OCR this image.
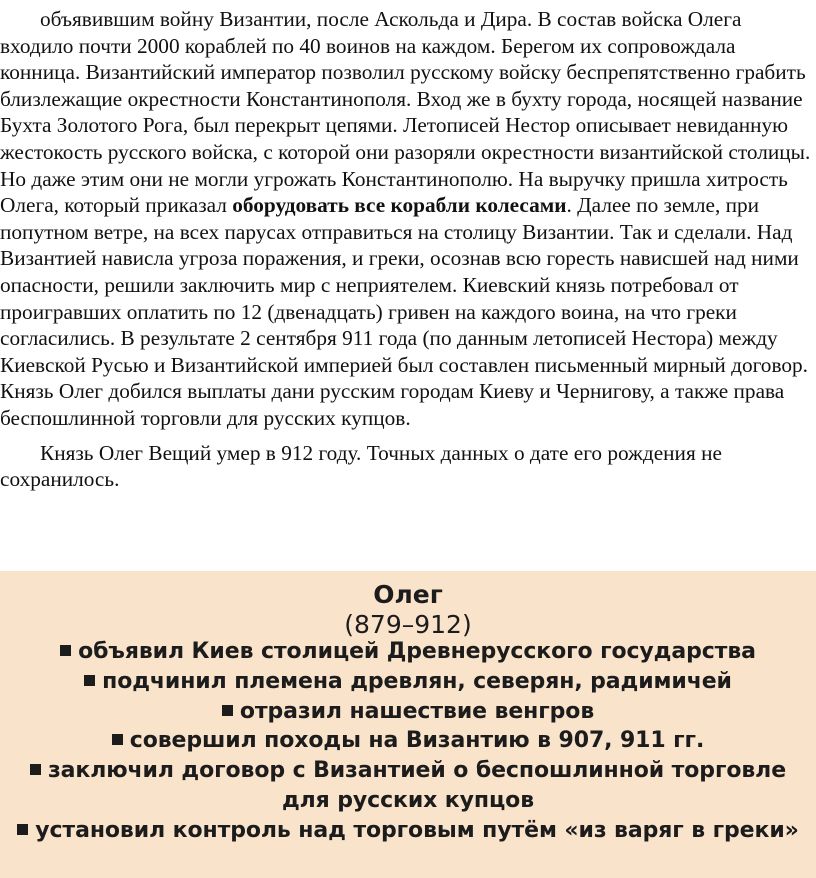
объявившим войну Византии, после Аскольда и Дира. В состав войска Олега входило почти 2000 кораблей по 40 воинов на каждом. Берегом их сопровождала конница. Византийский император позволил русскому войску беспрепятственно грабить близлежащие окрестности Константинополя. Вход же в бухту города, носящей название Бухта Золотого Рога, был перекрыт цепями. Летописей Нестор описывает невиданную жестокость русского войска, с которой они разоряли окрестности византийской столицы. Но даже этим они не могли угрожать Константинополю. На выручку пришла хитрость Олега, который приказал оборудовать все корабли колесами. Далее по земле, при попутном ветре, на всех парусах отправиться на столицу Византии. Так и сделали. Над Византией нависла угроза поражения, и греки, осознав всю горесть нависшей над ними опасности, решили заключить мир с неприятелем. Киевский князь потребовал от проигравших оплатить по 12 (двенадцать) гривен на каждого воина, на что греки согласились. В результате 2 сентября 911 года (по данным летописей Нестора) между Киевской Русью и Византийской империей был составлен письменный мирный договор. Князь Олег добился выплаты дани русским городам Киеву и Чернигову, а также права беспошлинной торговли для русских купцов.

Князь Олег Вещий умер в 912 году. Точных данных о дате его рождения не сохранилось.

Олег
(879–912)
объявил Киев столицей Древнерусского государства
подчинил племена древлян, северян, радимичей
отразил нашествие венгров
совершил походы на Византию в 907, 911 гг.
заключил договор с Византией о беспошлинной торговле
для русских купцов
установил контроль над торговым путём «из варяг в греки»
